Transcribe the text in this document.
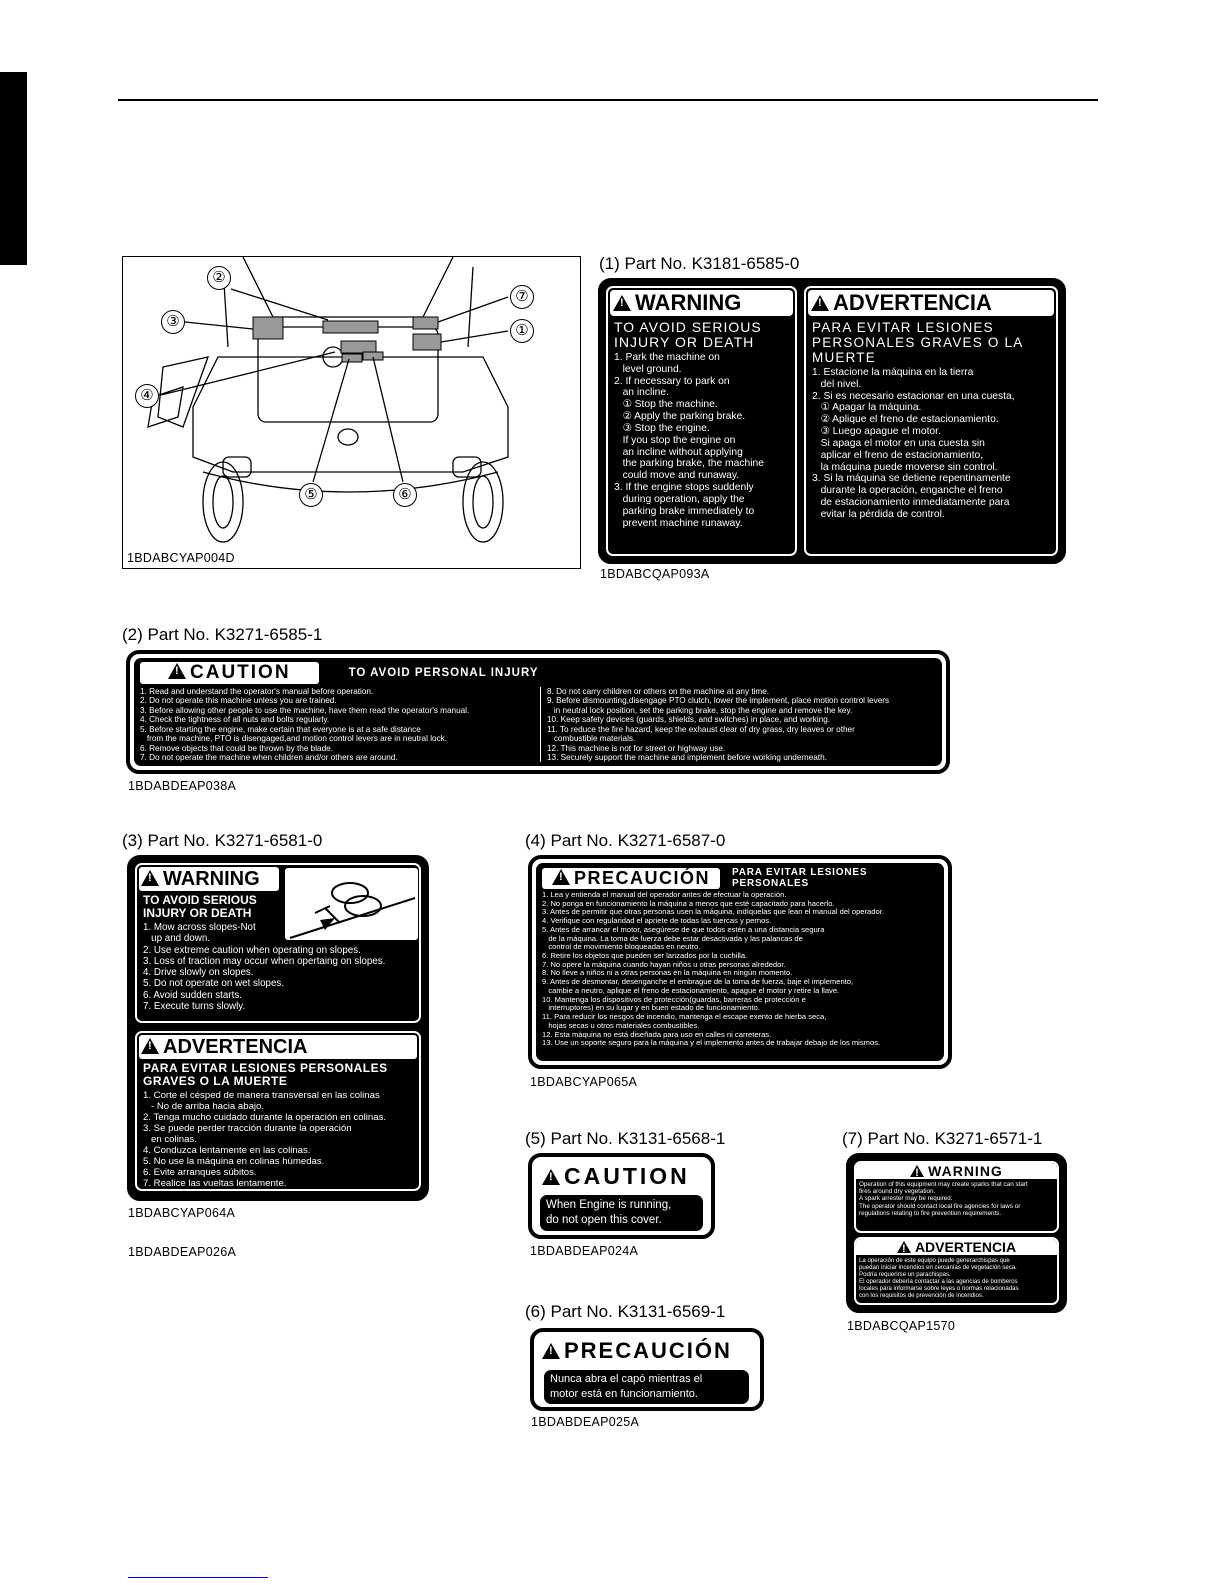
②
③
④
⑤	⑥
⑦
①
1BDABCYAP004D
(1) Part No. K3181-6585-0
!WARNING
TO AVOID SERIOUS INJURY OR DEATH
1. Park the machine on
level ground.
2. If necessary to park on
an incline.
① Stop the machine.
② Apply the parking brake.
③ Stop the engine.
If you stop the engine on
an incline without applying
the parking brake, the machine
could move and runaway.
3. If the engine stops suddenly
during operation, apply the
parking brake immediately to
prevent machine runaway.
!ADVERTENCIA
PARA EVITAR LESIONES PERSONALES GRAVES O LA MUERTE
1. Estacione la máquina en la tierra
del nivel.
2. Si es necesario estacionar en una cuesta,
① Apagar la máquina.
② Aplique el freno de estacionamiento.
③ Luego apague el motor.
Si apaga el motor en una cuesta sin
aplicar el freno de estacionamiento,
la máquina puede moverse sin control.
3. Si la máquina se detiene repentinamente
durante la operación, enganche el freno
de estacionamiento inmediatamente para
evitar la pérdida de control.
1BDABCQAP093A
(2) Part No. K3271-6585-1
!CAUTION	TO AVOID PERSONAL INJURY
1. Read and understand the operator's manual before operation.
2. Do not operate this machine unless you are trained.
3. Before allowing other people to use the machine, have them read the operator's manual.
4. Check the tightness of all nuts and bolts regularly.
5. Before starting the engine, make certain that everyone is at a safe distance
from the machine, PTO is disengaged,and motion control levers are in neutral lock.
6. Remove objects that could be thrown by the blade.
7. Do not operate the machine when children and/or others are around.
8. Do not carry children or others on the machine at any time.
9. Before dismounting,disengage PTO clutch, lower the implement, place motion control levers
in neutral lock position, set the parking brake, stop the engine and remove the key.
10. Keep safety devices (guards, shields, and switches) in place, and working.
11. To reduce the fire hazard, keep the exhaust clear of dry grass, dry leaves or other
combustible materials.
12. This machine is not for street or highway use.
13. Securely support the machine and implement before working underneath.
1BDABDEAP038A
(3) Part No. K3271-6581-0
!WARNING
TO AVOID SERIOUS INJURY OR DEATH
1. Mow across slopes-Not
up and down.
2. Use extreme caution when operating on slopes.
3. Loss of traction may occur when opertaing on slopes.
4. Drive slowly on slopes.
5. Do not operate on wet slopes.
6. Avoid sudden starts.
7. Execute turns slowly.
!ADVERTENCIA
PARA EVITAR LESIONES PERSONALES GRAVES O LA MUERTE
1. Corte el césped de manera transversal en las colinas
- No de arriba hacia abajo.
2. Tenga mucho cuidado durante la operación en colinas.
3. Se puede perder tracción durante la operación
en colinas.
4. Conduzca lentamente en las colinas.
5. No use la máquina en colinas húmedas.
6. Evite arranques súbitos.
7. Realice las vueltas lentamente.
1BDABCYAP064A
1BDABDEAP026A
(4) Part No. K3271-6587-0
!PRECAUCIÓN	PARA EVITAR LESIONES PERSONALES
1. Lea y entienda el manual del operador antes de efectuar la operación.
2. No ponga en funcionamiento la máquina a menos que esté capacitado para hacerlo.
3. Antes de permitir que otras personas usen la máquina, indíquelas que lean el manual del operador.
4. Verifique con regularidad el apriete de todas las tuercas y pernos.
5. Antes de arrancar el motor, asegúrese de que todos estén a una distancia segura
de la máquina. La toma de fuerza debe estar desactivada y las palancas de
control de movimiento bloqueadas en neutro.
6. Retire los objetos que pueden ser lanzados por la cuchilla.
7. No opere la máquina cuando hayan niños u otras personas alrededor.
8. No lleve a niños ni a otras personas en la máquina en ningún momento.
9. Antes de desmontar, desenganche el embrague de la toma de fuerza, baje el implemento,
cambie a neutro, aplique el freno de estacionamiento, apague el motor y retire la llave.
10. Mantenga los dispositivos de protección(guardas, barreras de protección e
interruptores) en su lugar y en buen estado de funcionamiento.
11. Para reducir los riesgos de incendio, mantenga el escape exento de hierba seca,
hojas secas u otros materiales combustibles.
12. Esta máquina no está diseñada para uso en calles ni carreteras.
13. Use un soporte seguro para la máquina y el implemento antes de trabajar debajo de los mismos.
1BDABCYAP065A
(5) Part No. K3131-6568-1
!CAUTION
When Engine is running,
do not open this cover.
1BDABDEAP024A
(6) Part No. K3131-6569-1
!PRECAUCIÓN
Nunca abra el capó mientras el
motor está en funcionamiento.
1BDABDEAP025A
(7) Part No. K3271-6571-1
!WARNING
Operation of this equipment may create sparks that can start
fires around dry vegetation.
A spark arrester may be required.
The operator should contact local fire agencies for laws or
regulations relating to fire prevention requirements.
!ADVERTENCIA
La operación de este equipo puede generarchispas que
puedan iniciar incendios en cercanías de vegetación seca.
Podría requerirse un parachispas.
El operador debería contactar a las agencias de bomberos
locales para informarse sobre leyes o normas relacionadas
con los requisitos de prevención de incendios.
1BDABCQAP1570
